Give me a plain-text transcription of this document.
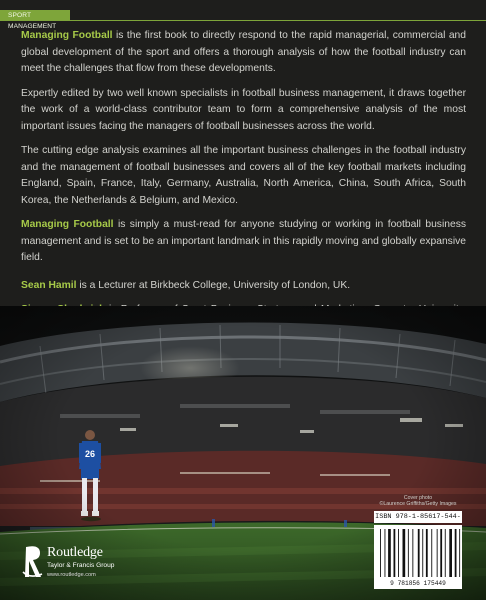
SPORT MANAGEMENT

Managing Football is the first book to directly respond to the rapid managerial, commercial and global development of the sport and offers a thorough analysis of how the football industry can meet the challenges that flow from these developments.

Expertly edited by two well known specialists in football business management, it draws together the work of a world-class contributor team to form a comprehensive analysis of the most important issues facing the managers of football businesses across the world.

The cutting edge analysis examines all the important business challenges in the football industry and the management of football businesses and covers all of the key football markets including England, Spain, France, Italy, Germany, Australia, North America, China, South Africa, South Korea, the Netherlands & Belgium, and Mexico.

Managing Football is simply a must-read for anyone studying or working in football business management and is set to be an important landmark in this rapidly moving and globally expansive field.

Sean Hamil is a Lecturer at Birkbeck College, University of London, UK.

Cover photo
©Laurence Griffiths/Getty Images
ISBN 978-1-85617-544-
9 781856 175449
Routledge
Taylor & Francis Group
www.routledge.com
